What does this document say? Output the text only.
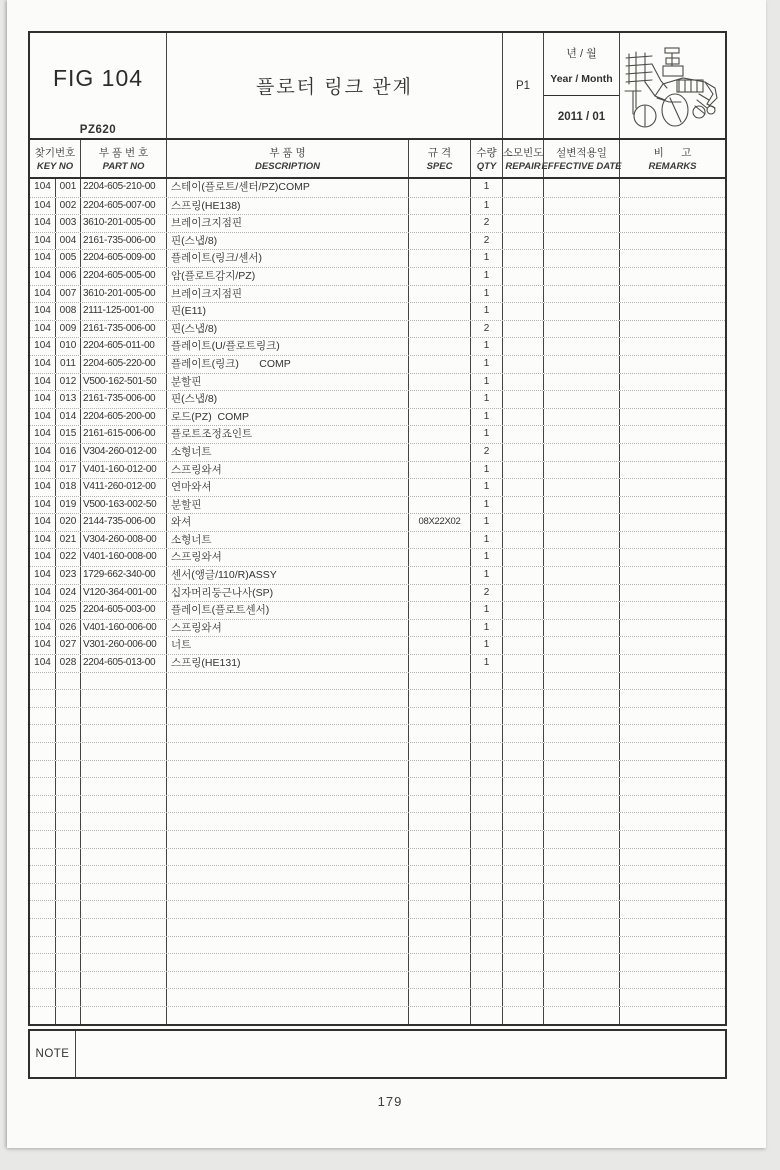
FIG 104
PZ620
플로터 링크 관계	P1
년 / 월
Year / Month
2011 / 01
찾기번호
KEY NO
부 품 번 호
PART NO
부 품 명
DESCRIPTION
규 격
SPEC
수량
QTY
소모빈도
REPAIR
설변적용일
EFFECTIVE DATE
비      고
REMARKS
104 001 2204-605-210-00	스테이(플로트/센터/PZ)COMP	1
104 002 2204-605-007-00	스프링(HE138)	1
104 003 3610-201-005-00	브레이크지점핀	2
104 004 2161-735-006-00	핀(스냅/8)	2
104 005 2204-605-009-00	플레이트(링크/센서)	1
104 006 2204-605-005-00	암(플로트감지/PZ)	1
104 007 3610-201-005-00	브레이크지점핀	1
104 008 2111-125-001-00	핀(E11)	1
104 009 2161-735-006-00	핀(스냅/8)	2
104 010 2204-605-011-00	플레이트(U/플로트링크)	1
104 011 2204-605-220-00	플레이트(링크)       COMP	1
104 012 V500-162-501-50	분할핀	1
104 013 2161-735-006-00	핀(스냅/8)	1
104 014 2204-605-200-00	로드(PZ)  COMP	1
104 015 2161-615-006-00	플로트조정죠인트	1
104 016 V304-260-012-00	소형너트	2
104 017 V401-160-012-00	스프링와셔	1
104 018 V411-260-012-00	연마와셔	1
104 019 V500-163-002-50	분할핀	1
104 020 2144-735-006-00	와셔	08X22X02	1
104 021 V304-260-008-00	소형너트	1
104 022 V401-160-008-00	스프링와셔	1
104 023 1729-662-340-00	센서(앵글/110/R)ASSY	1
104 024 V120-364-001-00	십자머리둥근나사(SP)	2
104 025 2204-605-003-00	플레이트(플로트센서)	1
104 026 V401-160-006-00	스프링와셔	1
104 027 V301-260-006-00	너트	1
104 028 2204-605-013-00	스프링(HE131)	1
NOTE
179
